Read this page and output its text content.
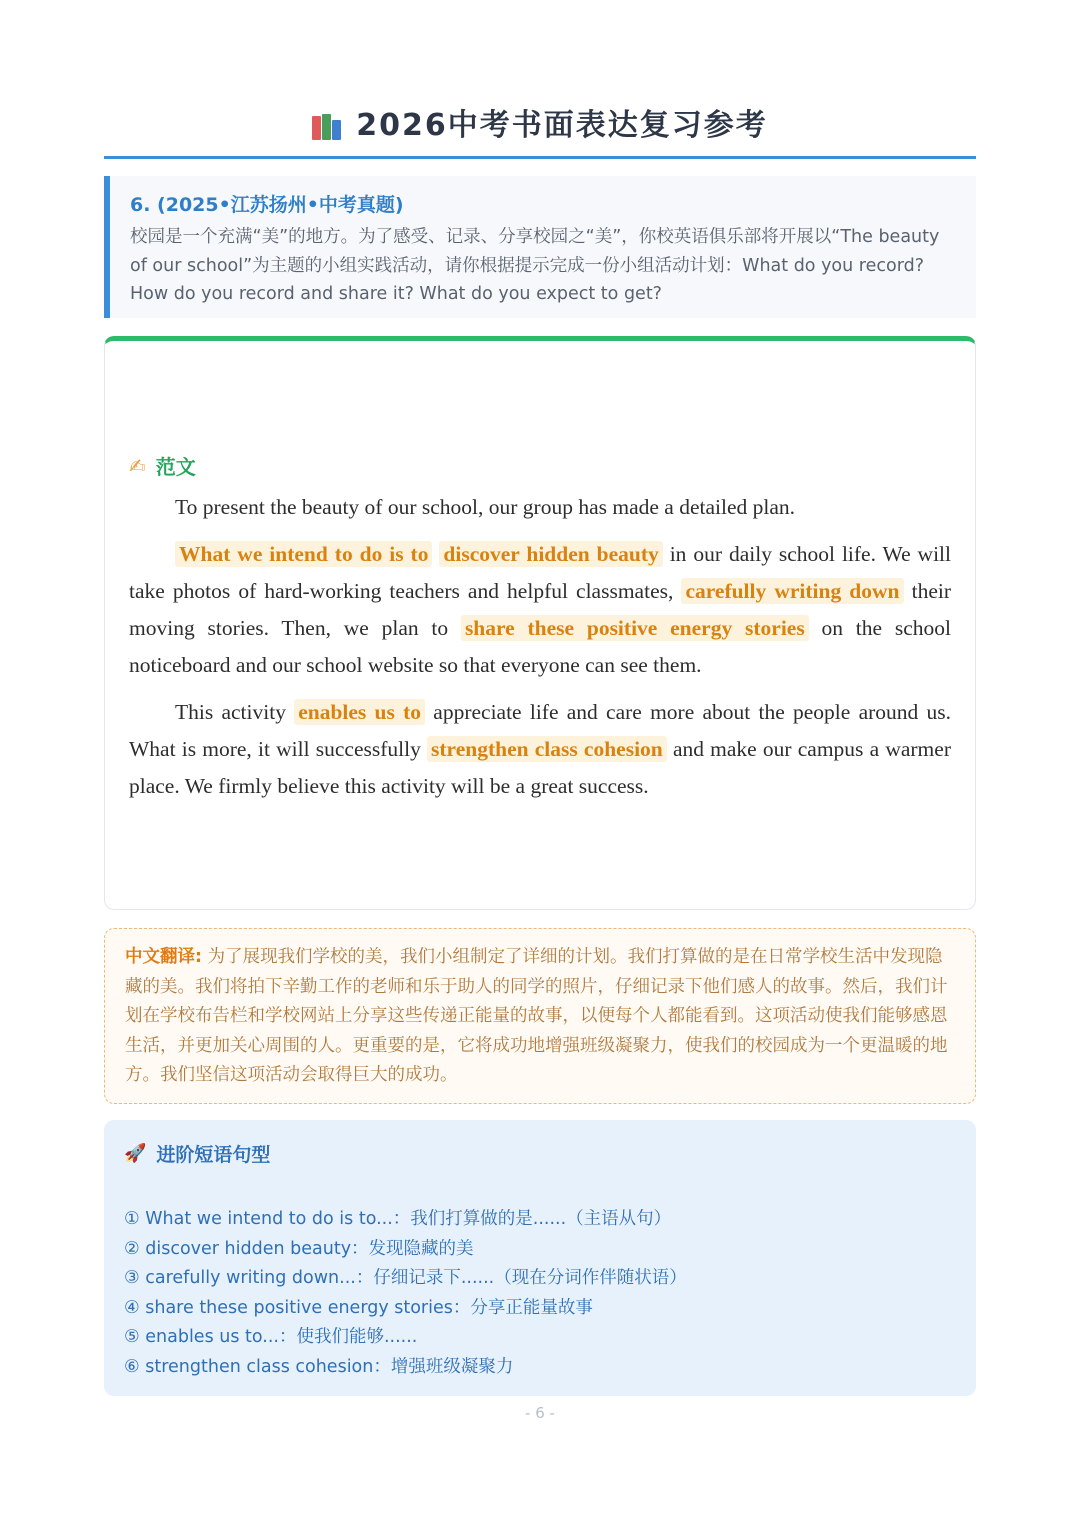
2026中考书面表达复习参考
6. (2025•江苏扬州•中考真题)
校园是一个充满“美”的地方。为了感受、记录、分享校园之“美”，你校英语俱乐部将开展以“The beauty of our school”为主题的小组实践活动，请你根据提示完成一份小组活动计划：What do you record? How do you record and share it? What do you expect to get?
✍ 范文

To present the beauty of our school, our group has made a detailed plan.

What we intend to do is to discover hidden beauty in our daily school life. We will take photos of hard-working teachers and helpful classmates, carefully writing down their moving stories. Then, we plan to share these positive energy stories on the school noticeboard and our school website so that everyone can see them.

This activity enables us to appreciate life and care more about the people around us. What is more, it will successfully strengthen class cohesion and make our campus a warmer place. We firmly believe this activity will be a great success.

中文翻译: 为了展现我们学校的美，我们小组制定了详细的计划。我们打算做的是在日常学校生活中发现隐藏的美。我们将拍下辛勤工作的老师和乐于助人的同学的照片，仔细记录下他们感人的故事。然后，我们计划在学校布告栏和学校网站上分享这些传递正能量的故事，以便每个人都能看到。这项活动使我们能够感恩生活，并更加关心周围的人。更重要的是，它将成功地增强班级凝聚力，使我们的校园成为一个更温暖的地方。我们坚信这项活动会取得巨大的成功。
🚀 进阶短语句型
① What we intend to do is to...：我们打算做的是......（主语从句）
② discover hidden beauty：发现隐藏的美
③ carefully writing down...：仔细记录下......（现在分词作伴随状语）
④ share these positive energy stories：分享正能量故事
⑤ enables us to...：使我们能够......
⑥ strengthen class cohesion：增强班级凝聚力
- 6 -
